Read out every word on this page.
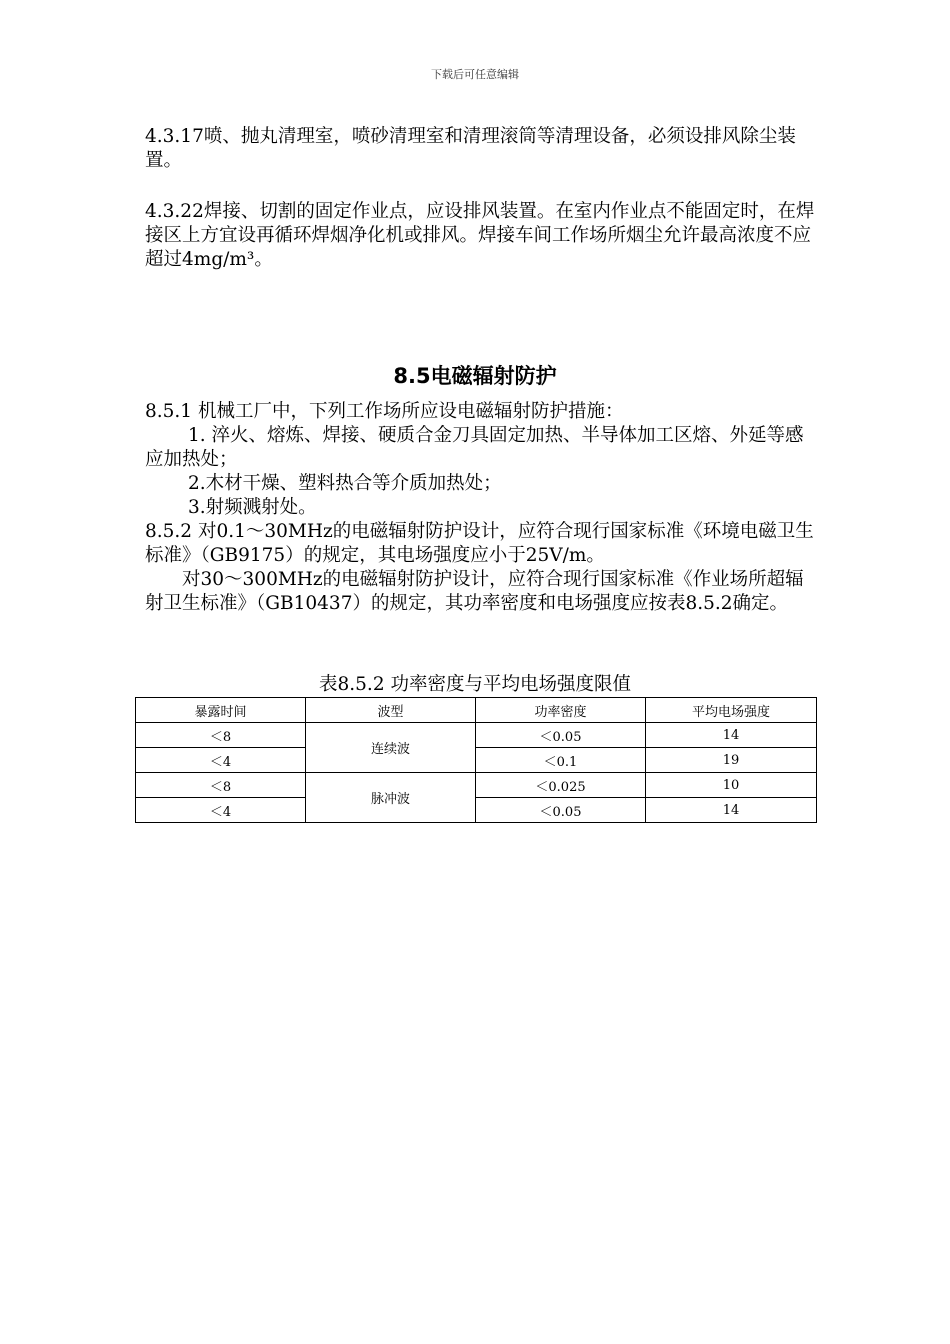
下载后可任意编辑

4.3.17喷、抛丸清理室，喷砂清理室和清理滚筒等清理设备，必须设排风除尘装置。

4.3.22焊接、切割的固定作业点，应设排风装置。在室内作业点不能固定时，在焊接区上方宜设再循环焊烟净化机或排风。焊接车间工作场所烟尘允许最高浓度不应超过4mg/m³。

8.5电磁辐射防护

8.5.1 机械工厂中，下列工作场所应设电磁辐射防护措施：

1. 淬火、熔炼、焊接、硬质合金刀具固定加热、半导体加工区熔、外延等感应加热处；

2.木材干燥、塑料热合等介质加热处；

3.射频溅射处。

8.5.2 对0.1～30MHz的电磁辐射防护设计，应符合现行国家标准《环境电磁卫生标准》（GB9175）的规定，其电场强度应小于25V/m。

对30～300MHz的电磁辐射防护设计，应符合现行国家标准《作业场所超辐射卫生标准》（GB10437）的规定，其功率密度和电场强度应按表8.5.2确定。

表8.5.2 功率密度与平均电场强度限值
暴露时间	波型	功率密度	平均电场强度
＜8	连续波	＜0.05	14
＜4		＜0.1	19
＜8	脉冲波	＜0.025	10
＜4		＜0.05	14
